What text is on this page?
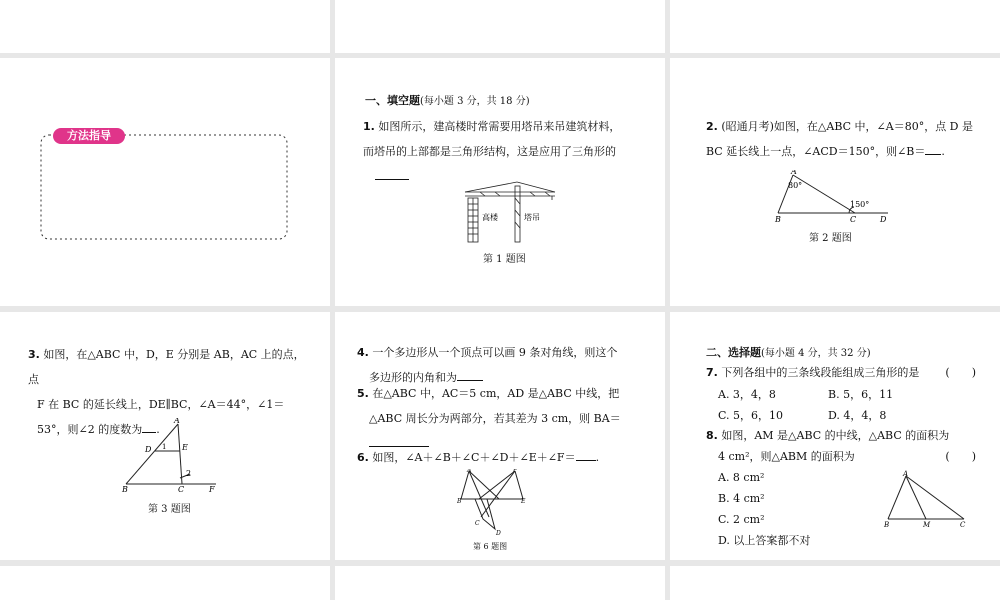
方法指导
一、填空题(每小题 3 分，共 18 分)
1. 如图所示，建高楼时常需要用塔吊来吊建筑材料，而塔吊的上部都是三角形结构，这是应用了三角形的

高楼	塔吊
第 1 题图
2. (昭通月考)如图，在△ABC 中，∠A＝80°，点 D 是
BC 延长线上一点，∠ACD＝150°，则∠B＝ .
A
80°
150°
B	C	D
第 2 题图
3. 如图，在△ABC 中，D，E 分别是 AB，AC 上的点，点
F 在 BC 的延长线上，DE∥BC，∠A＝44°，∠1＝
53°，则∠2 的度数为 .
A
D 1 E
2
B	C	F
第 3 题图
4. 一个多边形从一个顶点可以画 9 条对角线，则这个
多边形的内角和为
5. 在△ABC 中，AC＝5 cm，AD 是△ABC 中线，把
△ABC 周长分为两部分，若其差为 3 cm，则 BA＝

6. 如图，∠A＋∠B＋∠C＋∠D＋∠E＋∠F＝ .
A
B
C
D
E
F
第 6 题图
二、选择题(每小题 4 分，共 32 分)
7. 下列各组中的三条线段能组成三角形的是 (　　)
A. 3，4，8	B. 5，6，11
C. 5，6，10	D. 4，4，8
8. 如图，AM 是△ABC 的中线，△ABC 的面积为
4 cm²，则△ABM 的面积为	(　　)
A. 8 cm²
B. 4 cm²
C. 2 cm²
D. 以上答案都不对
A
B	M	C
